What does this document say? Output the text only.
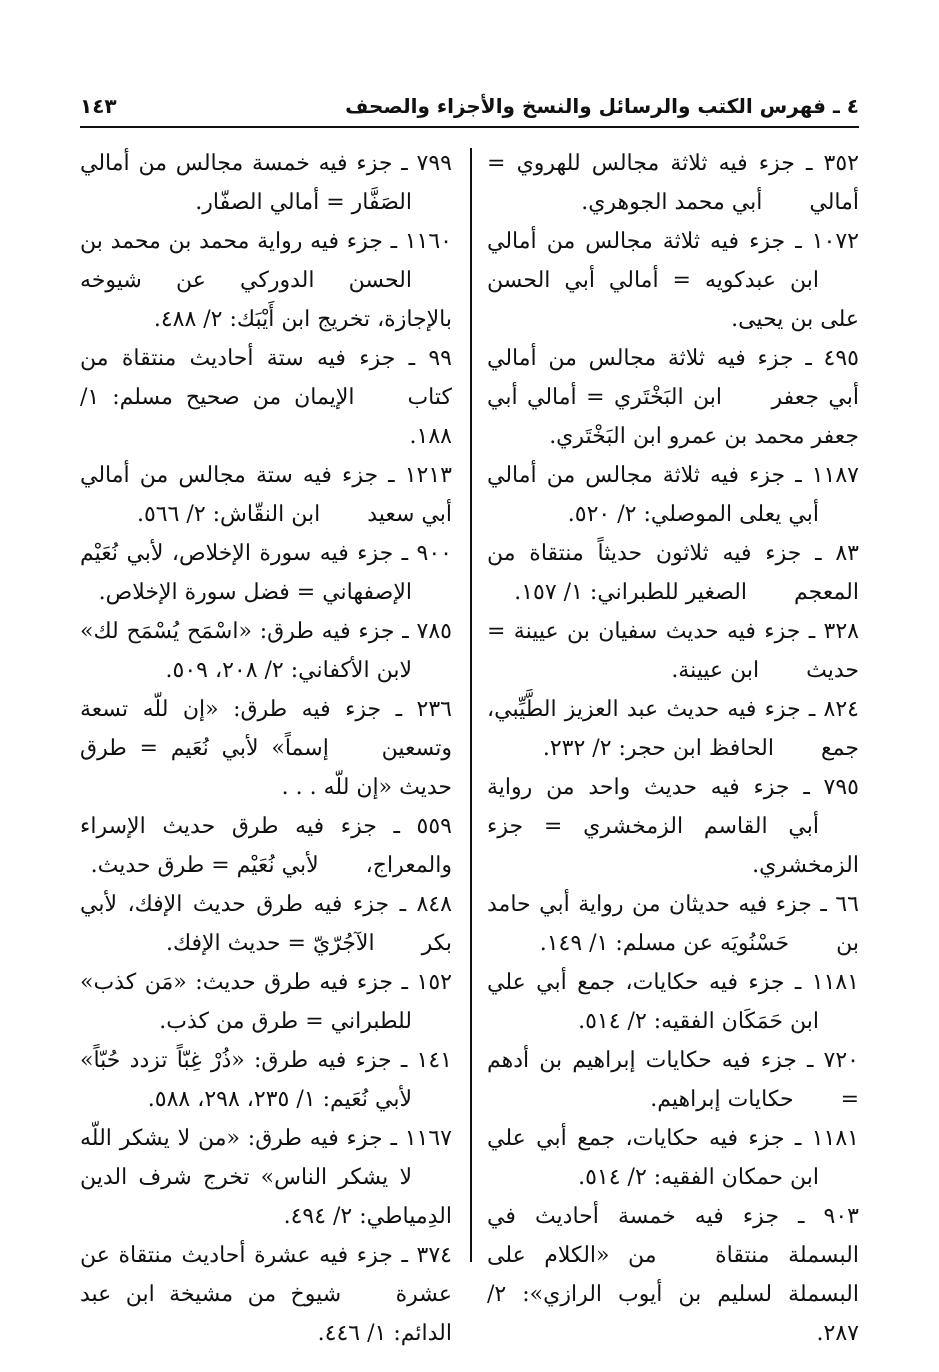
٤ ـ فهرس الكتب والرسائل والنسخ والأجزاء والصحف
١٤٣

٣٥٢ ـ جزء فيه ثلاثة مجالس للهروي = أمالي أبي محمد الجوهري.

١٠٧٢ ـ جزء فيه ثلاثة مجالس من أمالي ابن عبدكويه = أمالي أبي الحسن على بن يحيى.

٤٩٥ ـ جزء فيه ثلاثة مجالس من أمالي أبي جعفر ابن البَخْتَري = أمالي أبي جعفر محمد بن عمرو ابن البَخْتَري.

١١٨٧ ـ جزء فيه ثلاثة مجالس من أمالي أبي يعلى الموصلي: ٢/ ٥٢٠.

٨٣ ـ جزء فيه ثلاثون حديثاً منتقاة من المعجم الصغير للطبراني: ١/ ١٥٧.

٣٢٨ ـ جزء فيه حديث سفيان بن عيينة = حديث ابن عيينة.

٨٢٤ ـ جزء فيه حديث عبد العزيز الطَّيِّبي، جمع الحافظ ابن حجر: ٢/ ٢٣٢.

٧٩٥ ـ جزء فيه حديث واحد من رواية أبي القاسم الزمخشري = جزء الزمخشري.

٦٦ ـ جزء فيه حديثان من رواية أبي حامد بن حَسْنُويَه عن مسلم: ١/ ١٤٩.

١١٨١ ـ جزء فيه حكايات، جمع أبي علي ابن حَمَكَان الفقيه: ٢/ ٥١٤.

٧٢٠ ـ جزء فيه حكايات إبراهيم بن أدهم = حكايات إبراهيم.

١١٨١ ـ جزء فيه حكايات، جمع أبي علي ابن حمكان الفقيه: ٢/ ٥١٤.

٩٠٣ ـ جزء فيه خمسة أحاديث في البسملة منتقاة من «الكلام على البسملة لسليم بن أيوب الرازي»: ٢/ ٢٨٧.

٧٩٩ ـ جزء فيه خمسة مجالس من أمالي الصَفَّار = أمالي الصفّار.

١١٦٠ ـ جزء فيه رواية محمد بن محمد بن الحسن الدوركي عن شيوخه بالإجازة، تخريج ابن أَيْبَك: ٢/ ٤٨٨.

٩٩ ـ جزء فيه ستة أحاديث منتقاة من كتاب الإيمان من صحيح مسلم: ١/ ١٨٨.

١٢١٣ ـ جزء فيه ستة مجالس من أمالي أبي سعيد ابن النقّاش: ٢/ ٥٦٦.

٩٠٠ ـ جزء فيه سورة الإخلاص، لأبي نُعَيْم الإصفهاني = فضل سورة الإخلاص.

٧٨٥ ـ جزء فيه طرق: «اسْمَح يُسْمَح لك» لابن الأكفاني: ٢/ ٢٠٨، ٥٠٩.

٢٣٦ ـ جزء فيه طرق: «إن للّه تسعة وتسعين إسماً» لأبي نُعَيم = طرق حديث «إن للّه . . .

٥٥٩ ـ جزء فيه طرق حديث الإسراء والمعراج، لأبي نُعَيْم = طرق حديث.

٨٤٨ ـ جزء فيه طرق حديث الإفك، لأبي بكر الآجُرّيّ = حديث الإفك.

١٥٢ ـ جزء فيه طرق حديث: «مَن كذب» للطبراني = طرق من كذب.

١٤١ ـ جزء فيه طرق: «ذُرْ غِبّاً تزدد حُبّاً» لأبي نُعَيم: ١/ ٢٣٥، ٢٩٨، ٥٨٨.

١١٦٧ ـ جزء فيه طرق: «من لا يشكر اللّه لا يشكر الناس» تخرج شرف الدين الدِمياطي: ٢/ ٤٩٤.

٣٧٤ ـ جزء فيه عشرة أحاديث منتقاة عن عشرة شيوخ من مشيخة ابن عبد الدائم: ١/ ٤٤٦.
